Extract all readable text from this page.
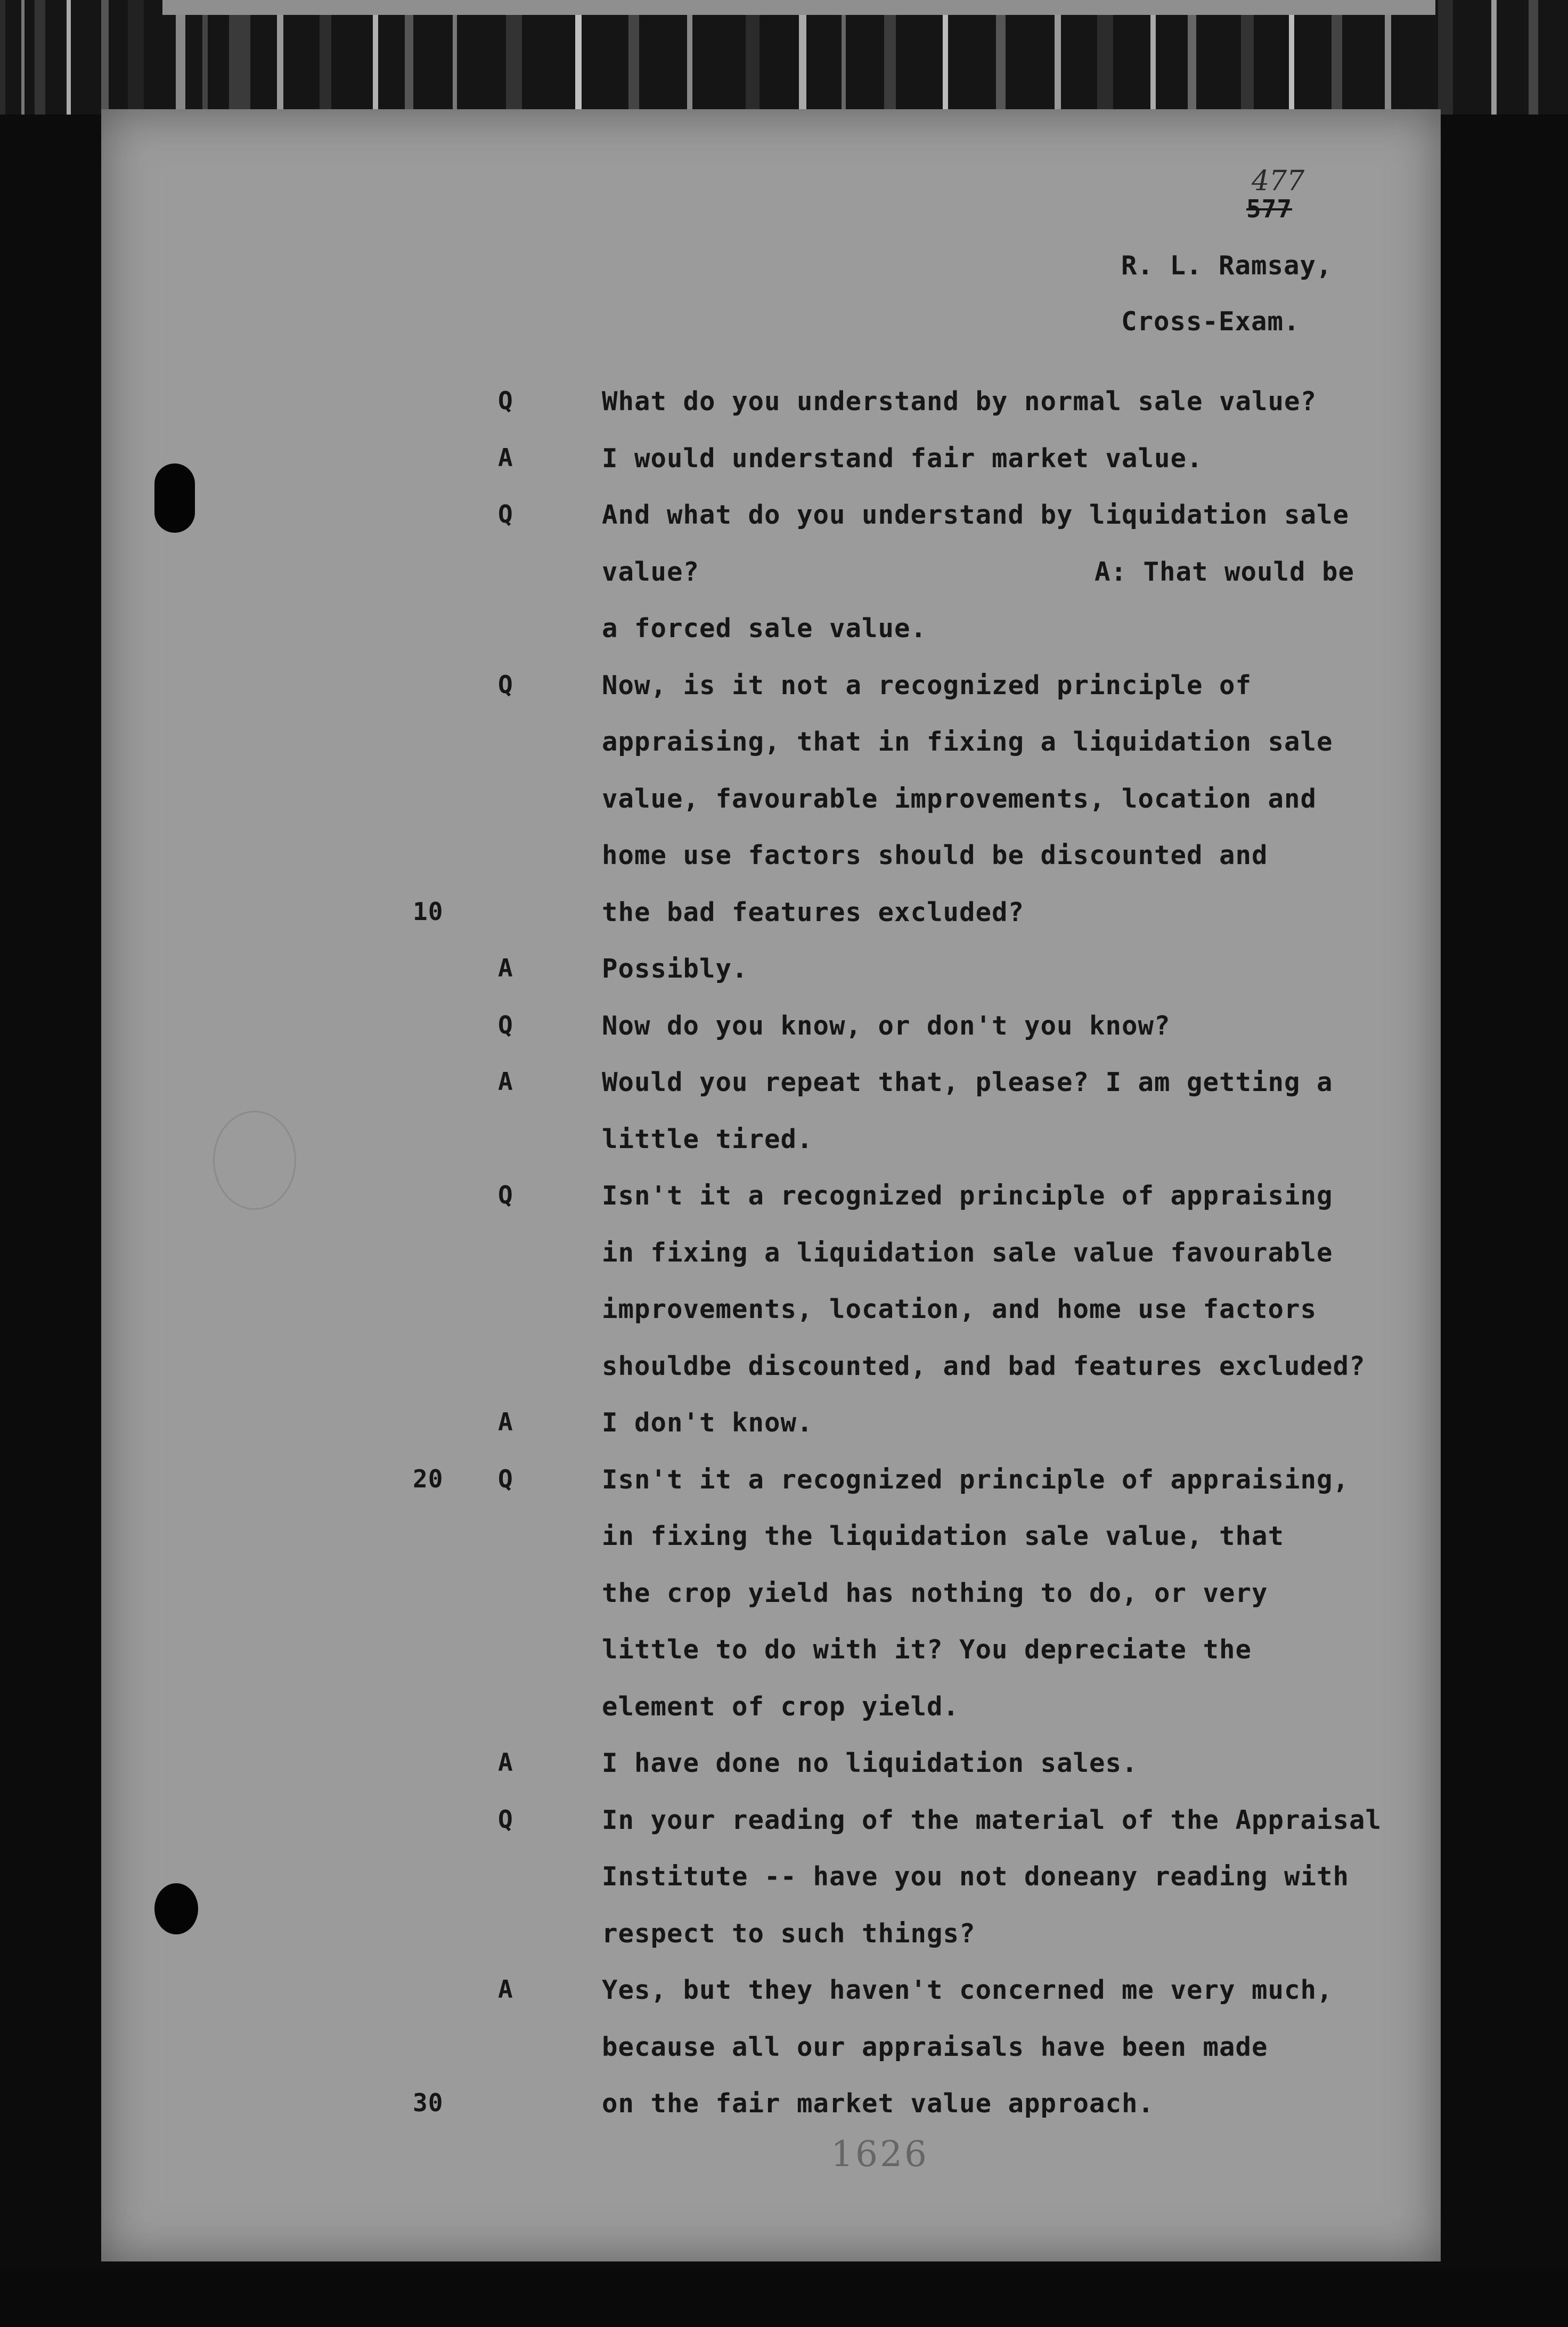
477
577
R. L. Ramsay,
Cross-Exam.
Q	What do you understand by normal sale value?
A	I would understand fair market value.
Q	And what do you understand by liquidation sale
value?	A: That would be
a forced sale value.
Q	Now, is it not a recognized principle of
appraising, that in fixing a liquidation sale
value, favourable improvements, location and
home use factors should be discounted and
the bad features excluded?
A	Possibly.
Q	Now do you know, or don't you know?
A	Would you repeat that, please? I am getting a
little tired.
Q	Isn't it a recognized principle of appraising
in fixing a liquidation sale value favourable
improvements, location, and home use factors
shouldbe discounted, and bad features excluded?
A	I don't know.
Q	Isn't it a recognized principle of appraising,
in fixing the liquidation sale value, that
the crop yield has nothing to do, or very
little to do with it? You depreciate the
element of crop yield.
A	I have done no liquidation sales.
Q	In your reading of the material of the Appraisal
Institute -- have you not doneany reading with
respect to such things?
A	Yes, but they haven't concerned me very much,
because all our appraisals have been made
on the fair market value approach.
10
20
30
1626
